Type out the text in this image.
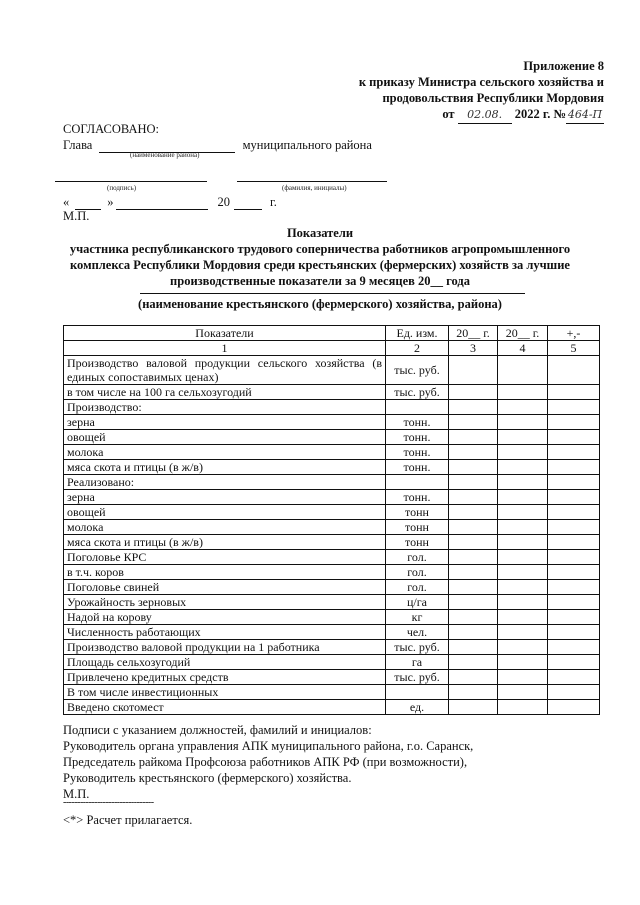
Приложение 8
к приказу Министра сельского хозяйства и
продовольствия Республики Мордовия
от 02.08. 2022 г. № 464-П
СОГЛАСОВАНО:
Глава	муниципального района
(наименование района)
(подпись)	(фамилия, инициалы)
«	»	20	г.
М.П.
Показатели
участника республиканского трудового соперничества работников агропромышленного
комплекса Республики Мордовия среди крестьянских (фермерских) хозяйств за лучшие
производственные показатели за 9 месяцев 20__ года
(наименование крестьянского (фермерского) хозяйства, района)
Показатели	Ед. изм.	20__ г.	20__ г.	+,-
1	2	3	4	5
Производство валовой продукции сельского хозяйства (в единых сопоставимых ценах)	тыс. руб.			
в том числе на 100 га сельхозугодий	тыс. руб.			
Производство:				
зерна	тонн.			
овощей	тонн.			
молока	тонн.			
мяса скота и птицы (в ж/в)	тонн.			
Реализовано:				
зерна	тонн.			
овощей	тонн			
молока	тонн			
мяса скота и птицы (в ж/в)	тонн			
Поголовье КРС	гол.			
в т.ч. коров	гол.			
Поголовье свиней	гол.			
Урожайность зерновых	ц/га			
Надой на корову	кг			
Численность работающих	чел.			
Производство валовой продукции на 1 работника	тыс. руб.			
Площадь сельхозугодий	га			
Привлечено кредитных средств	тыс. руб.			
В том числе инвестиционных				
Введено скотомест	ед.			
Подписи с указанием должностей, фамилий и инициалов:
Руководитель органа управления АПК муниципального района, г.о. Саранск,
Председатель райкома Профсоюза работников АПК РФ (при возможности),
Руководитель крестьянского (фермерского) хозяйства.
М.П.
--------------------------------
<*> Расчет прилагается.
